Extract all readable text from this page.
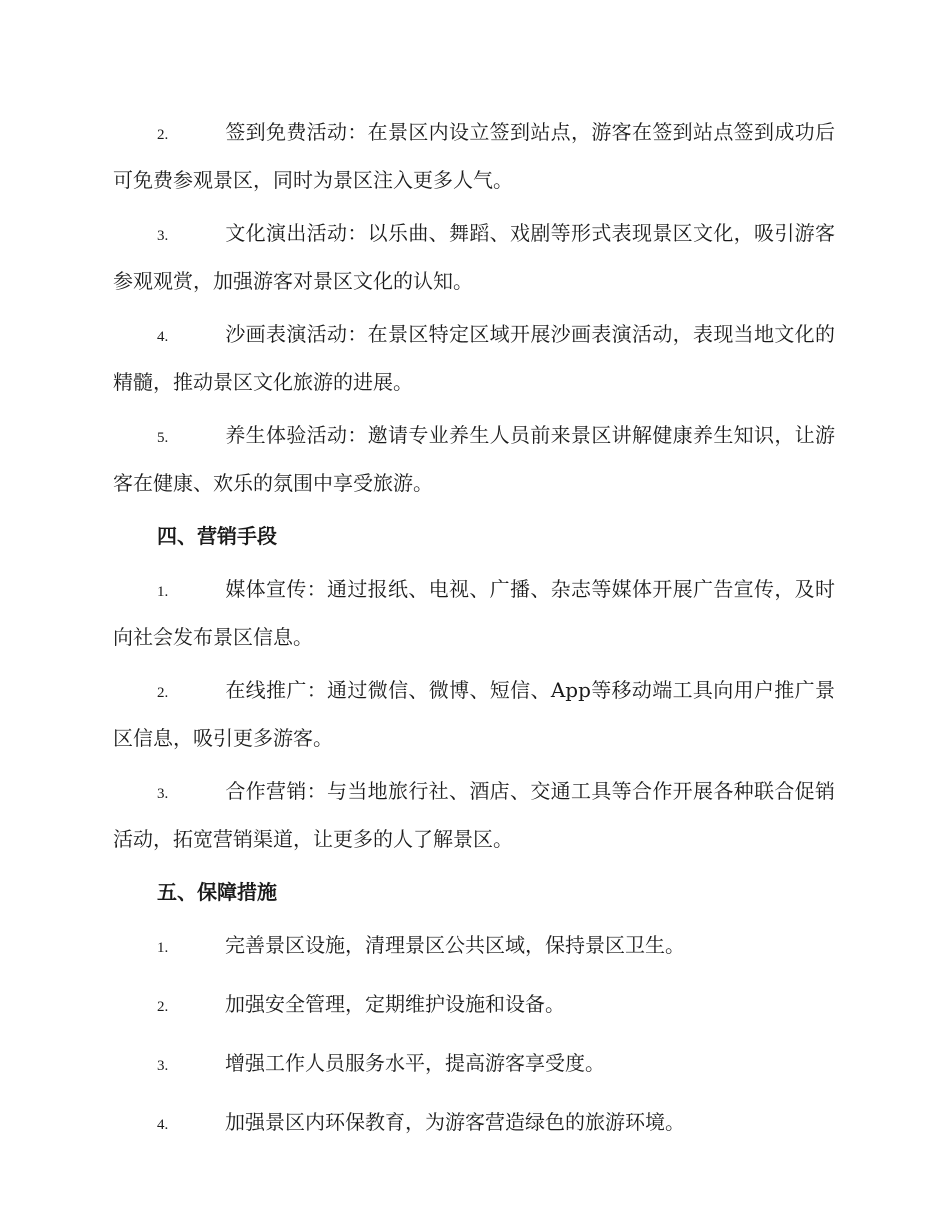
2.	签到免费活动：在景区内设立签到站点，游客在签到站点签到成功后可免费参观景区，同时为景区注入更多人气。
3.	文化演出活动：以乐曲、舞蹈、戏剧等形式表现景区文化，吸引游客参观观赏，加强游客对景区文化的认知。
4.	沙画表演活动：在景区特定区域开展沙画表演活动，表现当地文化的精髓，推动景区文化旅游的进展。
5.	养生体验活动：邀请专业养生人员前来景区讲解健康养生知识，让游客在健康、欢乐的氛围中享受旅游。
四、营销手段
1.	媒体宣传：通过报纸、电视、广播、杂志等媒体开展广告宣传，及时向社会发布景区信息。
2.	在线推广：通过微信、微博、短信、App等移动端工具向用户推广景区信息，吸引更多游客。
3.	合作营销：与当地旅行社、酒店、交通工具等合作开展各种联合促销活动，拓宽营销渠道，让更多的人了解景区。
五、保障措施
1.	完善景区设施，清理景区公共区域，保持景区卫生。
2.	加强安全管理，定期维护设施和设备。
3.	增强工作人员服务水平，提高游客享受度。
4.	加强景区内环保教育，为游客营造绿色的旅游环境。
